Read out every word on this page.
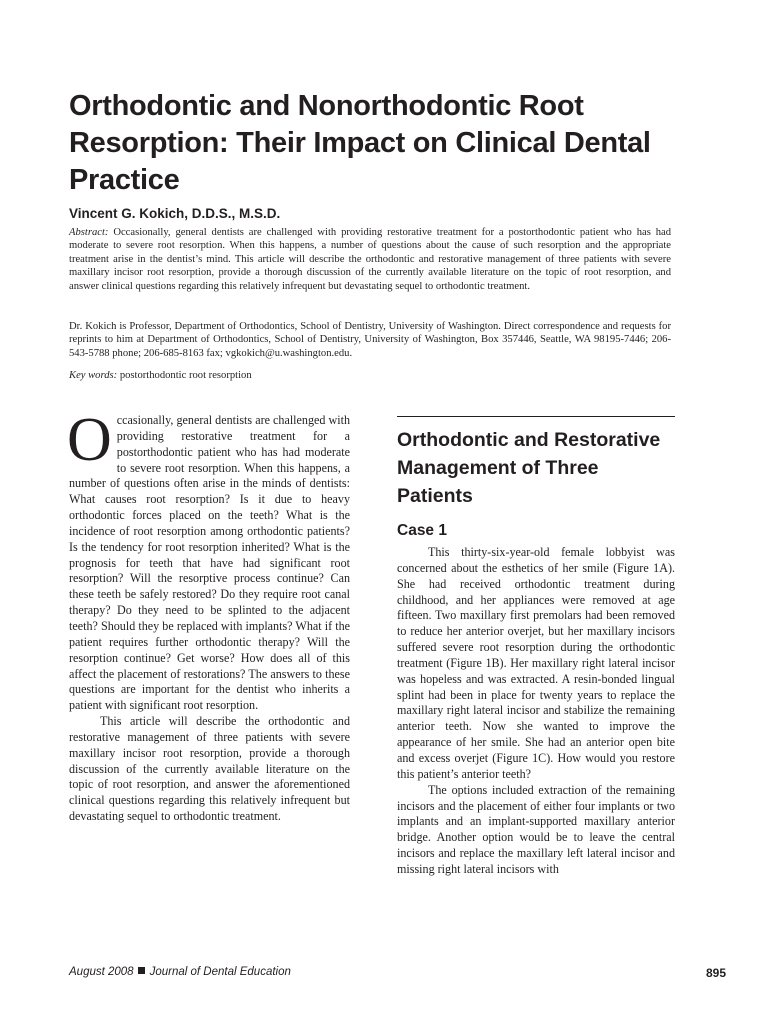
Orthodontic and Nonorthodontic Root Resorption: Their Impact on Clinical Dental Practice
Vincent G. Kokich, D.D.S., M.S.D.

Abstract: Occasionally, general dentists are challenged with providing restorative treatment for a postorthodontic patient who has had moderate to severe root resorption. When this happens, a number of questions about the cause of such resorption and the appropriate treatment arise in the dentist’s mind. This article will describe the orthodontic and restorative management of three patients with severe maxillary incisor root resorption, provide a thorough discussion of the currently available literature on the topic of root resorption, and answer clinical questions regarding this relatively infrequent but devastating sequel to orthodontic treatment.

Dr. Kokich is Professor, Department of Orthodontics, School of Dentistry, University of Washington. Direct correspondence and requests for reprints to him at Department of Orthodontics, School of Dentistry, University of Washington, Box 357446, Seattle, WA 98195-7446; 206-543-5788 phone; 206-685-8163 fax; vgkokich@u.washington.edu.

Key words: postorthodontic root resorption

Occasionally, general dentists are challenged with providing restorative treatment for a postorthodontic patient who has had moderate to severe root resorption. When this happens, a number of questions often arise in the minds of dentists: What causes root resorption? Is it due to heavy orthodontic forces placed on the teeth? What is the incidence of root resorption among orthodontic patients? Is the tendency for root resorption inherited? What is the prognosis for teeth that have had significant root resorption? Will the resorptive process continue? Can these teeth be safely restored? Do they require root canal therapy? Do they need to be splinted to the adjacent teeth? Should they be replaced with implants? What if the patient requires further orthodontic therapy? Will the resorption continue? Get worse? How does all of this affect the placement of restorations? The answers to these questions are important for the dentist who inherits a patient with significant root resorption.

This article will describe the orthodontic and restorative management of three patients with severe maxillary incisor root resorption, provide a thorough discussion of the currently available literature on the topic of root resorption, and answer the aforementioned clinical questions regarding this relatively infrequent but devastating sequel to orthodontic treatment.

Orthodontic and Restorative Management of Three Patients
Case 1

This thirty-six-year-old female lobbyist was concerned about the esthetics of her smile (Figure 1A). She had received orthodontic treatment during childhood, and her appliances were removed at age fifteen. Two maxillary first premolars had been removed to reduce her anterior overjet, but her maxillary incisors suffered severe root resorption during the orthodontic treatment (Figure 1B). Her maxillary right lateral incisor was hopeless and was extracted. A resin-bonded lingual splint had been in place for twenty years to replace the maxillary right lateral incisor and stabilize the remaining anterior teeth. Now she wanted to improve the appearance of her smile. She had an anterior open bite and excess overjet (Figure 1C). How would you restore this patient’s anterior teeth?

The options included extraction of the remaining incisors and the placement of either four implants or two implants and an implant-supported maxillary anterior bridge. Another option would be to leave the central incisors and replace the maxillary left lateral incisor and missing right lateral incisors with

August 2008 Journal of Dental Education	895
